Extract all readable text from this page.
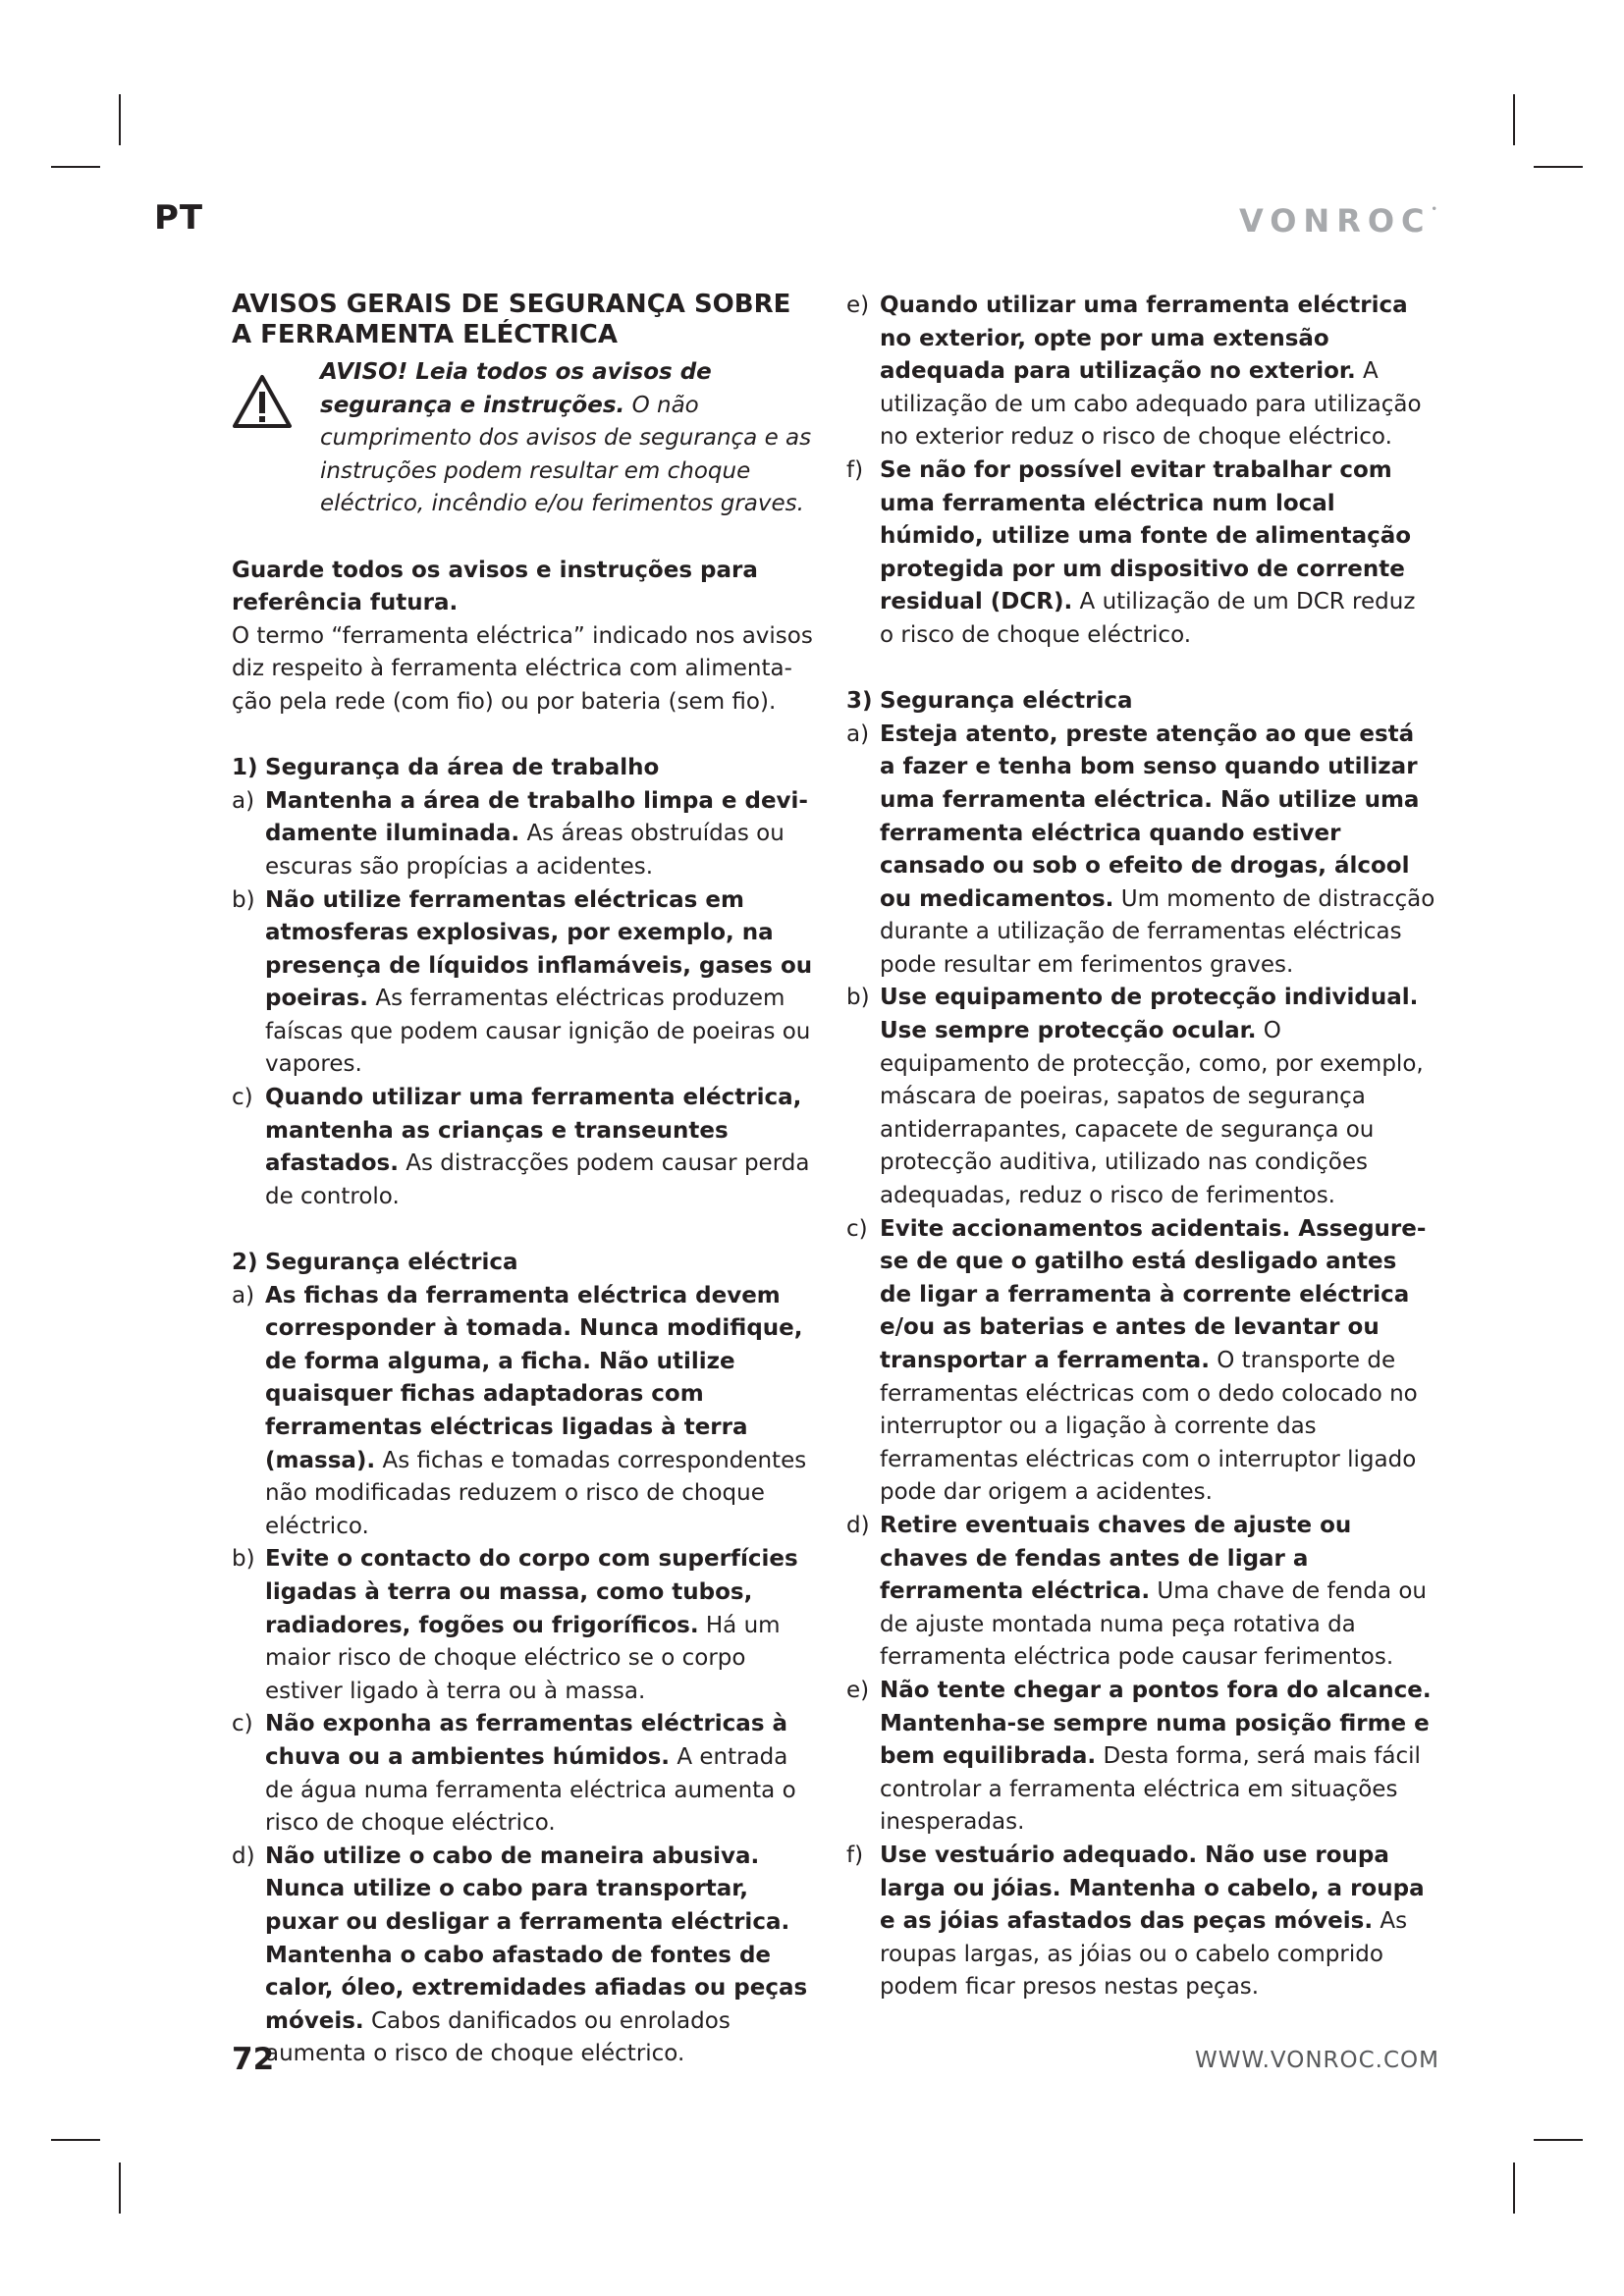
PT	VONROC•

AVISOS GERAIS DE SEGURANÇA SOBRE

A FERRAMENTA ELÉCTRICA

AVISO! Leia todos os avisos de segurança e instruções. O não cumprimento dos avisos de segurança e as instruções podem resultar em choque eléctrico, incêndio e/ou ferimentos graves.

Guarde todos os avisos e instruções para referência futura.

O termo “ferramenta eléctrica” indicado nos avisos diz respeito à ferramenta eléctrica com alimentação pela rede (com fio) ou por bateria (sem fio).

1) Segurança da área de trabalho
a) Mantenha a área de trabalho limpa e devidamente iluminada. As áreas obstruídas ou escuras são propícias a acidentes.
b) Não utilize ferramentas eléctricas em atmosferas explosivas, por exemplo, na presença de líquidos inflamáveis, gases ou poeiras. As ferramentas eléctricas produzem faíscas que podem causar ignição de poeiras ou vapores.
c) Quando utilizar uma ferramenta eléctrica, mantenha as crianças e transeuntes afastados. As distracções podem causar perda de controlo.
2) Segurança eléctrica
a) As fichas da ferramenta eléctrica devem corresponder à tomada. Nunca modifique, de forma alguma, a ficha. Não utilize quaisquer fichas adaptadoras com ferramentas eléctricas ligadas à terra (massa). As fichas e tomadas correspondentes não modificadas reduzem o risco de choque eléctrico.
b) Evite o contacto do corpo com superfícies ligadas à terra ou massa, como tubos, radiadores, fogões ou frigoríficos. Há um maior risco de choque eléctrico se o corpo estiver ligado à terra ou à massa.
c) Não exponha as ferramentas eléctricas à chuva ou a ambientes húmidos. A entrada de água numa ferramenta eléctrica aumenta o risco de choque eléctrico.
d) Não utilize o cabo de maneira abusiva. Nunca utilize o cabo para transportar, puxar ou desligar a ferramenta eléctrica. Mantenha o cabo afastado de fontes de calor, óleo, extremidades afiadas ou peças móveis. Cabos danificados ou enrolados aumenta o risco de choque eléctrico.
e) Quando utilizar uma ferramenta eléctrica no exterior, opte por uma extensão adequada para utilização no exterior. A utilização de um cabo adequado para utilização no exterior reduz o risco de choque eléctrico.
f) Se não for possível evitar trabalhar com uma ferramenta eléctrica num local húmido, utilize uma fonte de alimentação protegida por um dispositivo de corrente residual (DCR). A utilização de um DCR reduz o risco de choque eléctrico.
3) Segurança eléctrica
a) Esteja atento, preste atenção ao que está a fazer e tenha bom senso quando utilizar uma ferramenta eléctrica. Não utilize uma ferramenta eléctrica quando estiver cansado ou sob o efeito de drogas, álcool ou medicamentos. Um momento de distracção durante a utilização de ferramentas eléctricas pode resultar em ferimentos graves.
b) Use equipamento de protecção individual. Use sempre protecção ocular. O equipamento de protecção, como, por exemplo, máscara de poeiras, sapatos de segurança antiderrapantes, capacete de segurança ou protecção auditiva, utilizado nas condições adequadas, reduz o risco de ferimentos.
c) Evite accionamentos acidentais. Assegure-se de que o gatilho está desligado antes de ligar a ferramenta à corrente eléctrica e/ou as baterias e antes de levantar ou transportar a ferramenta. O transporte de ferramentas eléctricas com o dedo colocado no interruptor ou a ligação à corrente das ferramentas eléctricas com o interruptor ligado pode dar origem a acidentes.
d) Retire eventuais chaves de ajuste ou chaves de fendas antes de ligar a ferramenta eléctrica. Uma chave de fenda ou de ajuste montada numa peça rotativa da ferramenta eléctrica pode causar ferimentos.
e) Não tente chegar a pontos fora do alcance. Mantenha-se sempre numa posição firme e bem equilibrada. Desta forma, será mais fácil controlar a ferramenta eléctrica em situações inesperadas.
f) Use vestuário adequado. Não use roupa larga ou jóias. Mantenha o cabelo, a roupa e as jóias afastados das peças móveis. As roupas largas, as jóias ou o cabelo comprido podem ficar presos nestas peças.
72	WWW.VONROC.COM
